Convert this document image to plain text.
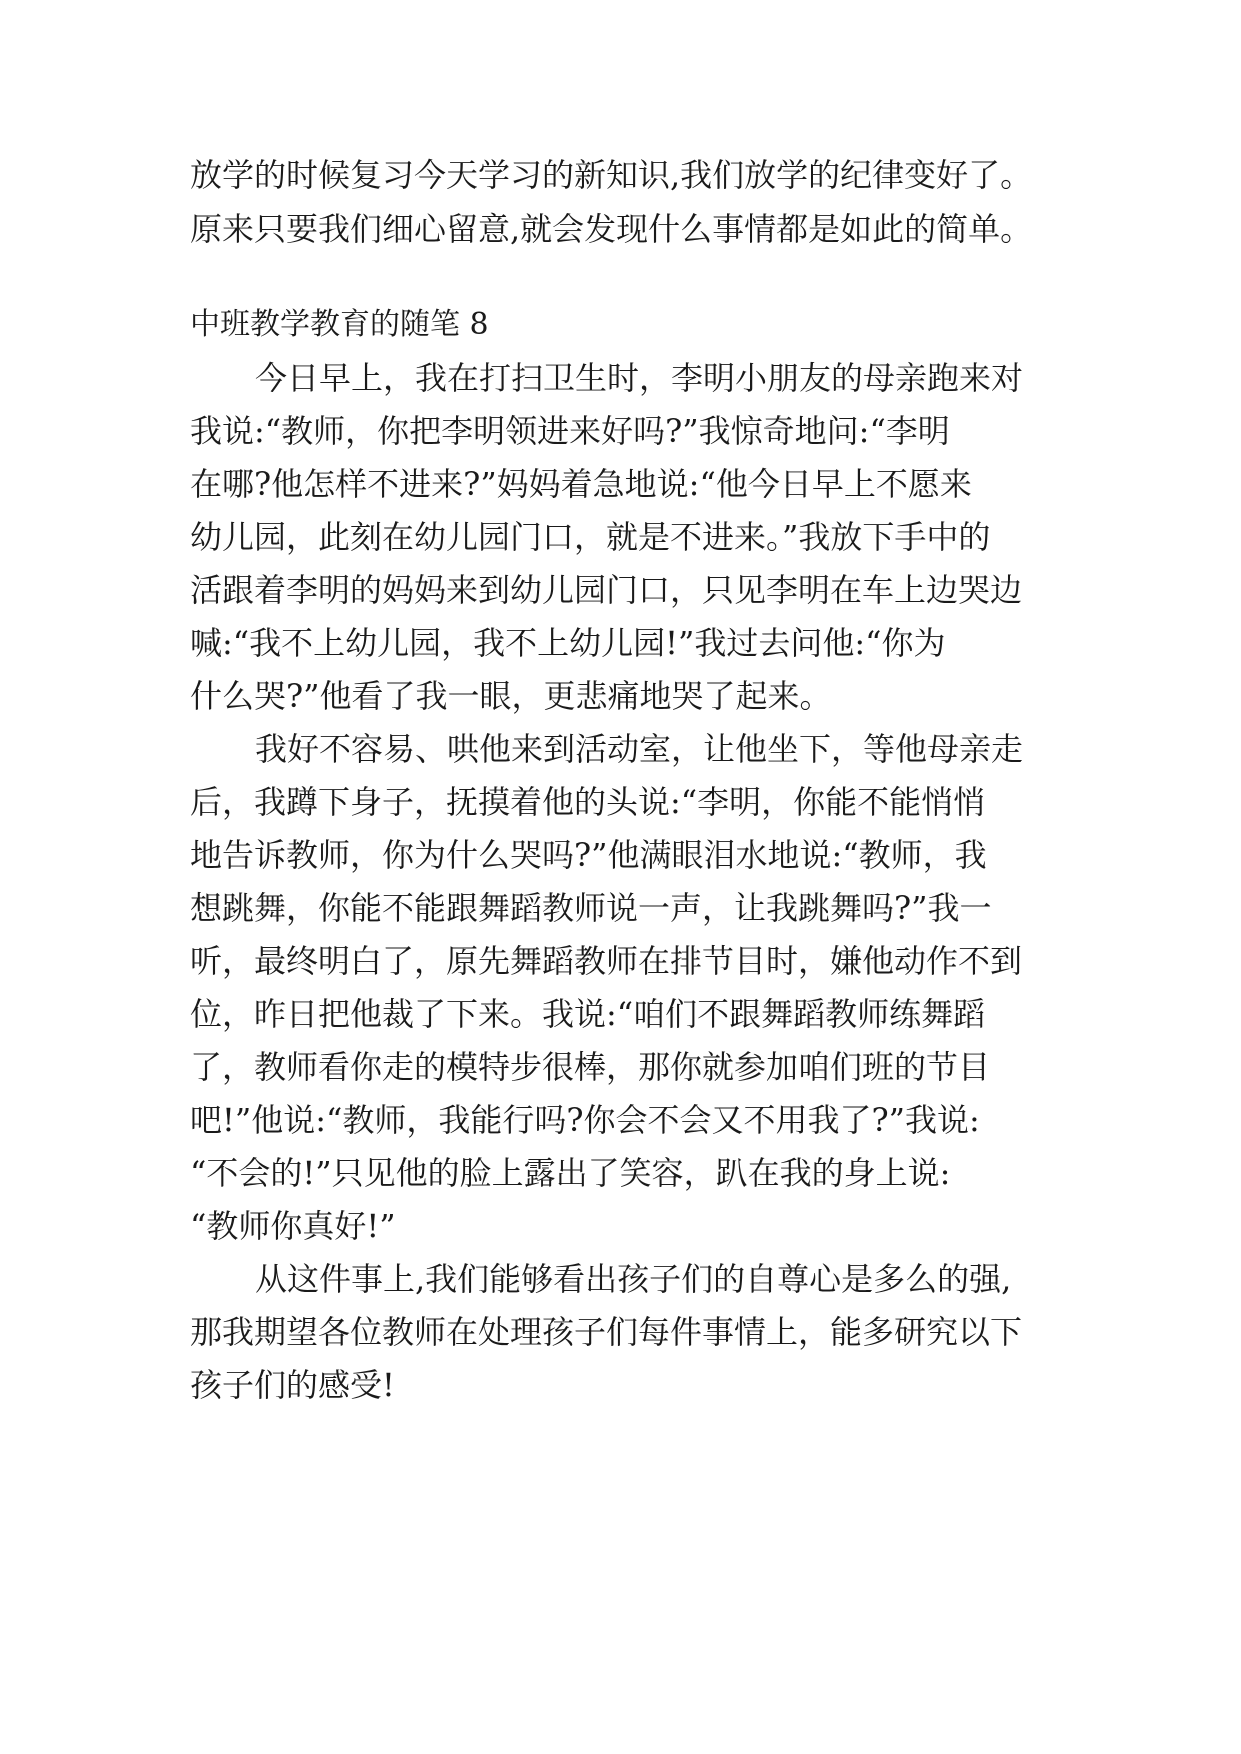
放学的时候复习今天学习的新知识,我们放学的纪律变好了。
原来只要我们细心留意,就会发现什么事情都是如此的简单。
中班教学教育的随笔 8
今日早上，我在打扫卫生时，李明小朋友的母亲跑来对
我说:“教师，你把李明领进来好吗?”我惊奇地问:“李明
在哪?他怎样不进来?”妈妈着急地说:“他今日早上不愿来
幼儿园，此刻在幼儿园门口，就是不进来。”我放下手中的
活跟着李明的妈妈来到幼儿园门口，只见李明在车上边哭边
喊:“我不上幼儿园，我不上幼儿园!”我过去问他:“你为
什么哭?”他看了我一眼，更悲痛地哭了起来。
我好不容易、哄他来到活动室，让他坐下，等他母亲走
后，我蹲下身子，抚摸着他的头说:“李明，你能不能悄悄
地告诉教师，你为什么哭吗?”他满眼泪水地说:“教师，我
想跳舞，你能不能跟舞蹈教师说一声，让我跳舞吗?”我一
听，最终明白了，原先舞蹈教师在排节目时，嫌他动作不到
位，昨日把他裁了下来。我说:“咱们不跟舞蹈教师练舞蹈
了，教师看你走的模特步很棒，那你就参加咱们班的节目
吧!”他说:“教师，我能行吗?你会不会又不用我了?”我说:
“不会的!”只见他的脸上露出了笑容，趴在我的身上说:
“教师你真好!”
从这件事上,我们能够看出孩子们的自尊心是多么的强,
那我期望各位教师在处理孩子们每件事情上，能多研究以下
孩子们的感受!
